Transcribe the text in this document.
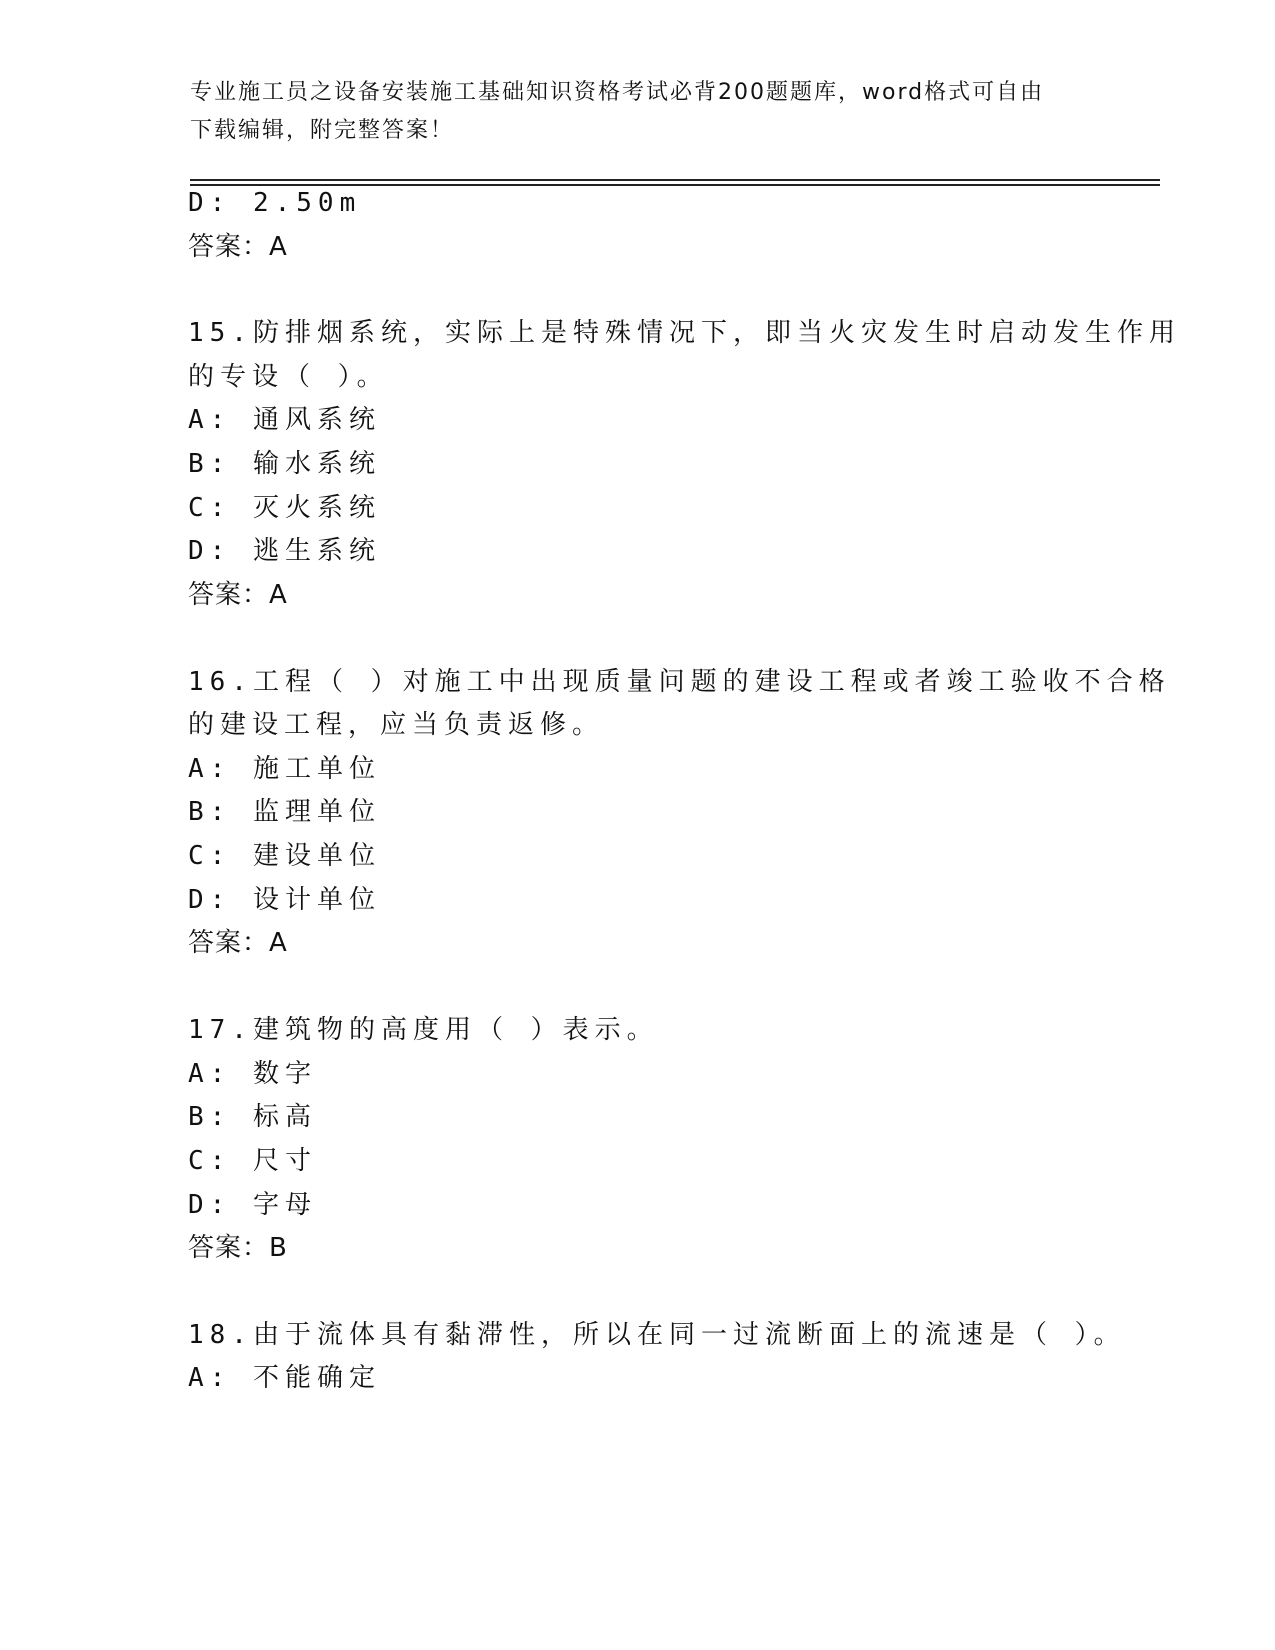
专业施工员之设备安装施工基础知识资格考试必背200题题库，word格式可自由
下载编辑，附完整答案！
D: 2.50m
答案：A
15.防排烟系统，实际上是特殊情况下，即当火灾发生时启动发生作用
的专设（ ）。
A: 通风系统
B: 输水系统
C: 灭火系统
D: 逃生系统
答案：A
16.工程（ ）对施工中出现质量问题的建设工程或者竣工验收不合格
的建设工程，应当负责返修。
A: 施工单位
B: 监理单位
C: 建设单位
D: 设计单位
答案：A
17.建筑物的高度用（ ）表示。
A: 数字
B: 标高
C: 尺寸
D: 字母
答案：B
18.由于流体具有黏滞性，所以在同一过流断面上的流速是（ ）。
A: 不能确定
